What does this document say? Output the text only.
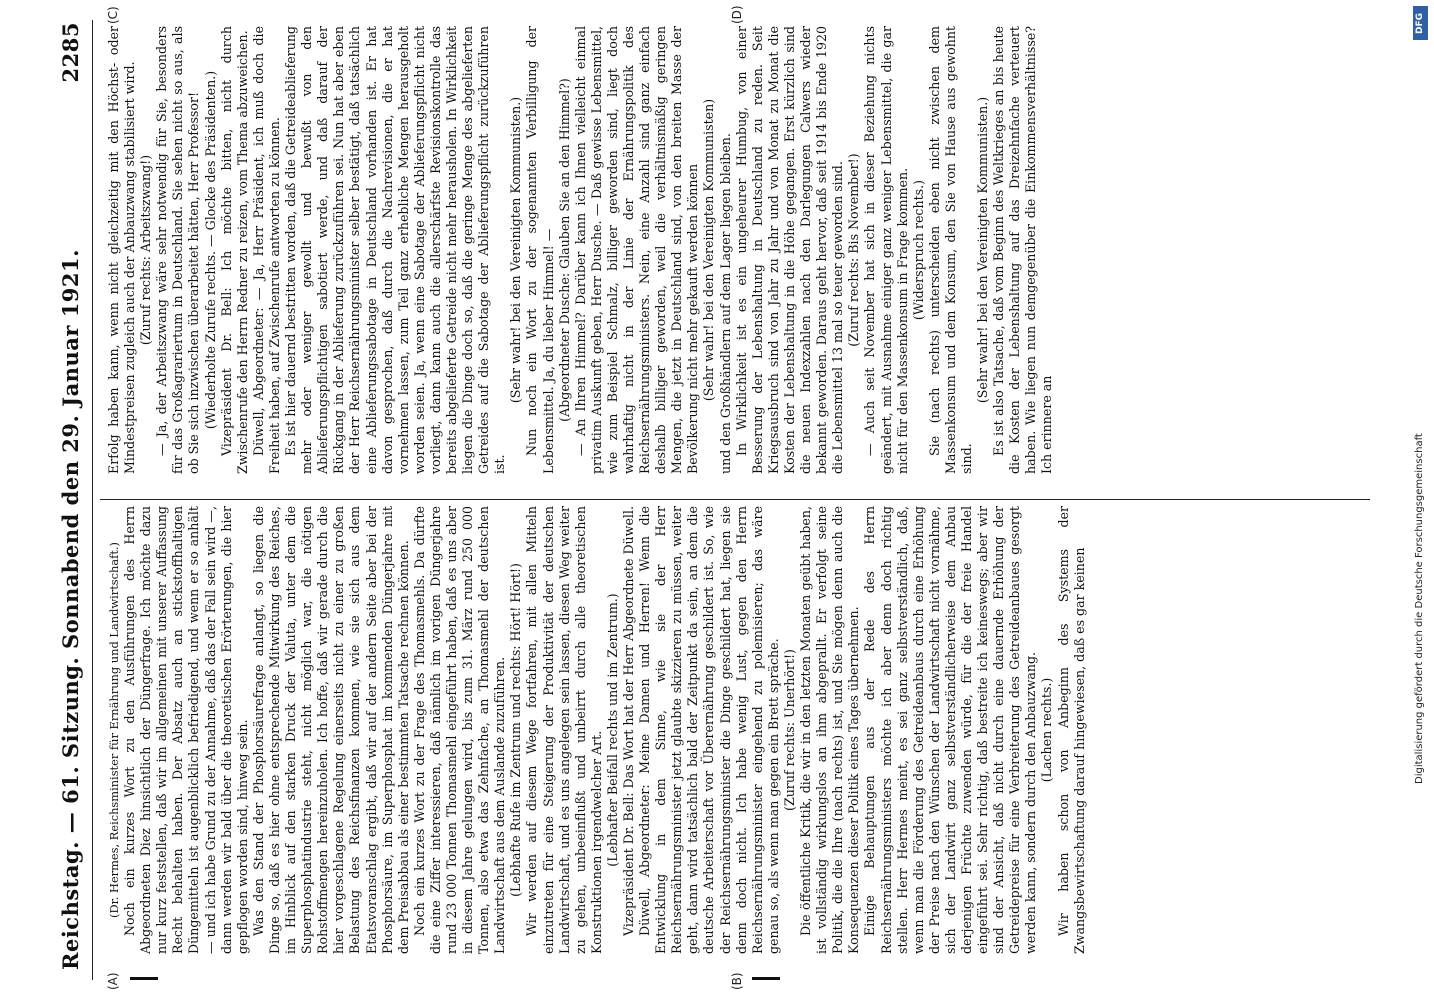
Reichstag. — 61. Sitzung. Sonnabend den 29. Januar 1921.
2285
(A)	(B)
(C)	(D)

(Dr. Hermes, Reichsminister für Ernährung und Landwirtschaft.) Noch ein kurzes Wort zu den Ausführungen des Herrn Abgeordneten Diez hinsichtlich der Düngerfrage. Ich möchte dazu nur kurz feststellen, daß wir im allgemeinen mit unserer Auffassung Recht behalten haben. Der Absatz auch an stickstoffhaltigen Düngemitteln ist augenblicklich befriedigend, und wenn er so anhält — und ich habe Grund zu der Annahme, daß das der Fall sein wird —, dann werden wir bald über die theoretischen Erörterungen, die hier gepflogen worden sind, hinweg sein. Was den Stand der Phosphorsäurefrage anlangt, so liegen die Dinge so, daß es hier ohne entsprechende Mitwirkung des Reiches, im Hinblick auf den starken Druck der Valuta, unter dem die Superphosphatindustrie steht, nicht möglich war, die nötigen Rohstoffmengen hereinzuholen. Ich hoffe, daß wir gerade durch die hier vorgeschlagene Regelung einerseits nicht zu einer zu großen Belastung des Reichsfinanzen kommen, wie sie sich aus dem Etatsvoranschlag ergibt, daß wir auf der andern Seite aber bei der Phosphorsäure, im Superphosphat im kommenden Düngerjahre mit dem Preisabbau als einer bestimmten Tatsache rechnen können. Noch ein kurzes Wort zu der Frage des Thomasmehls. Da dürfte die eine Ziffer interessieren, daß nämlich im vorigen Düngerjahre rund 23 000 Tonnen Thomasmehl eingeführt haben, daß es uns aber in diesem Jahre gelungen wird, bis zum 31. März rund 250 000 Tonnen, also etwa das Zehnfache, an Thomasmehl der deutschen Landwirtschaft aus dem Auslande zuzuführen. (Lebhafte Rufe im Zentrum und rechts: Hört! Hört!) Wir werden auf diesem Wege fortfahren, mit allen Mitteln einzutreten für eine Steigerung der Produktivität der deutschen Landwirtschaft, und es uns angelegen sein lassen, diesen Weg weiter zu gehen, unbeeinflußt und unbeirrt durch alle theoretischen Konstruktionen irgendwelcher Art. (Lebhafter Beifall rechts und im Zentrum.) Vizepräsident Dr. Bell: Das Wort hat der Herr Abgeordnete Düwell. Düwell, Abgeordneter: Meine Damen und Herren! Wenn die Entwicklung in dem Sinne, wie sie der Herr Reichsernährungsminister jetzt glaubte skizzieren zu müssen, weiter geht, dann wird tatsächlich bald der Zeitpunkt da sein, an dem die deutsche Arbeiterschaft vor Überernährung geschildert ist. So, wie der Reichsernährungsminister die Dinge geschildert hat, liegen sie denn doch nicht. Ich habe wenig Lust, gegen den Herrn Reichsernährungsminister eingehend zu polemisieren; das wäre genau so, als wenn man gegen ein Brett spräche. (Zuruf rechts: Unerhört!) Die öffentliche Kritik, die wir in den letzten Monaten geübt haben, ist vollständig wirkungslos an ihm abgeprallt. Er verfolgt seine Politik, die die Ihre (nach rechts) ist, und Sie mögen denn auch die Konsequenzen dieser Politik eines Tages übernehmen. Einige Behauptungen aus der Rede des Herrn Reichsernährungsministers möchte ich aber denn doch richtig stellen. Herr Hermes meint, es sei ganz selbstverständlich, daß, wenn man die Förderung des Getreideanbaus durch eine Erhöhung der Preise nach den Wünschen der Landwirtschaft nicht vornähme, sich der Landwirt ganz selbstverständlicherweise dem Anbau derjenigen Früchte zuwenden würde, für die der freie Handel eingeführt sei. Sehr richtig, daß bestreite ich keineswegs; aber wir sind der Ansicht, daß nicht durch eine dauernde Erhöhung der Getreidepreise für eine Verbreiterung des Getreideanbaues gesorgt werden kann, sondern durch den Anbauzwang. (Lachen rechts.) Wir haben schon von Anbeginn des Systems der Zwangsbewirtschaftung darauf hingewiesen, daß es gar keinen

Erfolg haben kann, wenn nicht gleichzeitig mit den Höchst- oder Mindestpreisen zugleich auch der Anbauzwang stabilisiert wird. (Zuruf rechts: Arbeitszwang!) — Ja, der Arbeitszwang wäre sehr notwendig für Sie, besonders für das Großagrariertum in Deutschland. Sie sehen nicht so aus, als ob Sie sich inzwischen überarbeitet hätten, Herr Professor! (Wiederholte Zurufe rechts. — Glocke des Präsidenten.) Vizepräsident Dr. Bell: Ich möchte bitten, nicht durch Zwischenrufe den Herrn Redner zu reizen, vom Thema abzuweichen. Düwell, Abgeordneter: — Ja, Herr Präsident, ich muß doch die Freiheit haben, auf Zwischenrufe antworten zu können. Es ist hier dauernd bestritten worden, daß die Getreideablieferung mehr oder weniger gewollt und bewußt von den Ablieferungspflichtigen sabotiert werde, und daß darauf der Rückgang in der Ablieferung zurückzuführen sei. Nun hat aber eben der Herr Reichsernährungsminister selber bestätigt, daß tatsächlich eine Ablieferungssabotage in Deutschland vorhanden ist. Er hat davon gesprochen, daß durch die Nachrevisionen, die er hat vornehmen lassen, zum Teil ganz erhebliche Mengen herausgeholt worden seien. Ja, wenn eine Sabotage der Ablieferungspflicht nicht vorliegt, dann kann auch die allerschärfste Revisionskontrolle das bereits abgelieferte Getreide nicht mehr herausholen. In Wirklichkeit liegen die Dinge doch so, daß die geringe Menge des abgelieferten Getreides auf die Sabotage der Ablieferungspflicht zurückzuführen ist.

(Sehr wahr! bei den Vereinigten Kommunisten.) Nun noch ein Wort zu der sogenannten Verbilligung der Lebensmittel. Ja, du lieber Himmel! — (Abgeordneter Dusche: Glauben Sie an den Himmel?) — An Ihren Himmel? Darüber kann ich Ihnen vielleicht einmal privatim Auskunft geben, Herr Dusche. — Daß gewisse Lebensmittel, wie zum Beispiel Schmalz, billiger geworden sind, liegt doch wahrhaftig nicht in der Linie der Ernährungspolitik des Reichsernährungsministers. Nein, eine Anzahl sind ganz einfach deshalb billiger geworden, weil die verhältnismäßig geringen Mengen, die jetzt in Deutschland sind, von den breiten Masse der Bevölkerung nicht mehr gekauft werden können (Sehr wahr! bei den Vereinigten Kommunisten) und den Großhändlern auf dem Lager liegen bleiben. In Wirklichkeit ist es ein ungeheurer Humbug, von einer Besserung der Lebenshaltung in Deutschland zu reden. Seit Kriegsausbruch sind von Jahr zu Jahr und von Monat zu Monat die Kosten der Lebenshaltung in die Höhe gegangen. Erst kürzlich sind die neuen Indexzahlen nach den Darlegungen Calwers wieder bekannt geworden. Daraus geht hervor, daß seit 1914 bis Ende 1920 die Lebensmittel 13 mal so teuer geworden sind. (Zuruf rechts: Bis November!) — Auch seit November hat sich in dieser Beziehung nichts geändert, mit Ausnahme einiger ganz weniger Lebensmittel, die gar nicht für den Massenkonsum in Frage kommen. (Widerspruch rechts.) Sie (nach rechts) unterscheiden eben nicht zwischen dem Massenkonsum und dem Konsum, den Sie von Hause aus gewohnt sind.

(Sehr wahr! bei den Vereinigten Kommunisten.) Es ist also Tatsache, daß vom Beginn des Weltkrieges an bis heute die Kosten der Lebenshaltung auf das Dreizehnfache verteuert haben. Wie liegen nun demgegenüber die Einkommensverhältnisse? Ich erinnere an

DFG
Digitalisierung gefördert durch die Deutsche Forschungsgemeinschaft
